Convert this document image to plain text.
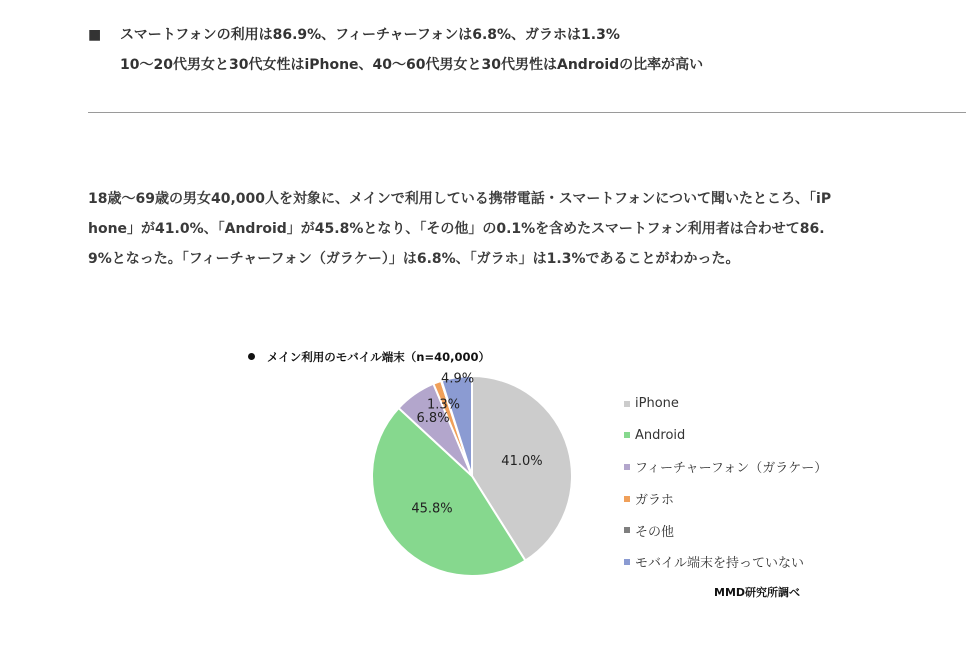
■ スマートフォンの利用は86.9%、フィーチャーフォンは6.8%、ガラホは1.3%
10〜20代男女と30代女性はiPhone、40〜60代男女と30代男性はAndroidの比率が高い
18歳〜69歳の男女40,000人を対象に、メインで利用している携帯電話・スマートフォンについて聞いたところ、「iP
hone」が41.0%、「Android」が45.8%となり、「その他」の0.1%を含めたスマートフォン利用者は合わせて86.
9%となった。「フィーチャーフォン（ガラケー）」は6.8%、「ガラホ」は1.3%であることがわかった。
メイン利用のモバイル端末（n=40,000）
41.0%
45.8%
6.8%
1.3%
4.9%
iPhone
Android
フィーチャーフォン（ガラケー）
ガラホ
その他
モバイル端末を持っていない
MMD研究所調べ
